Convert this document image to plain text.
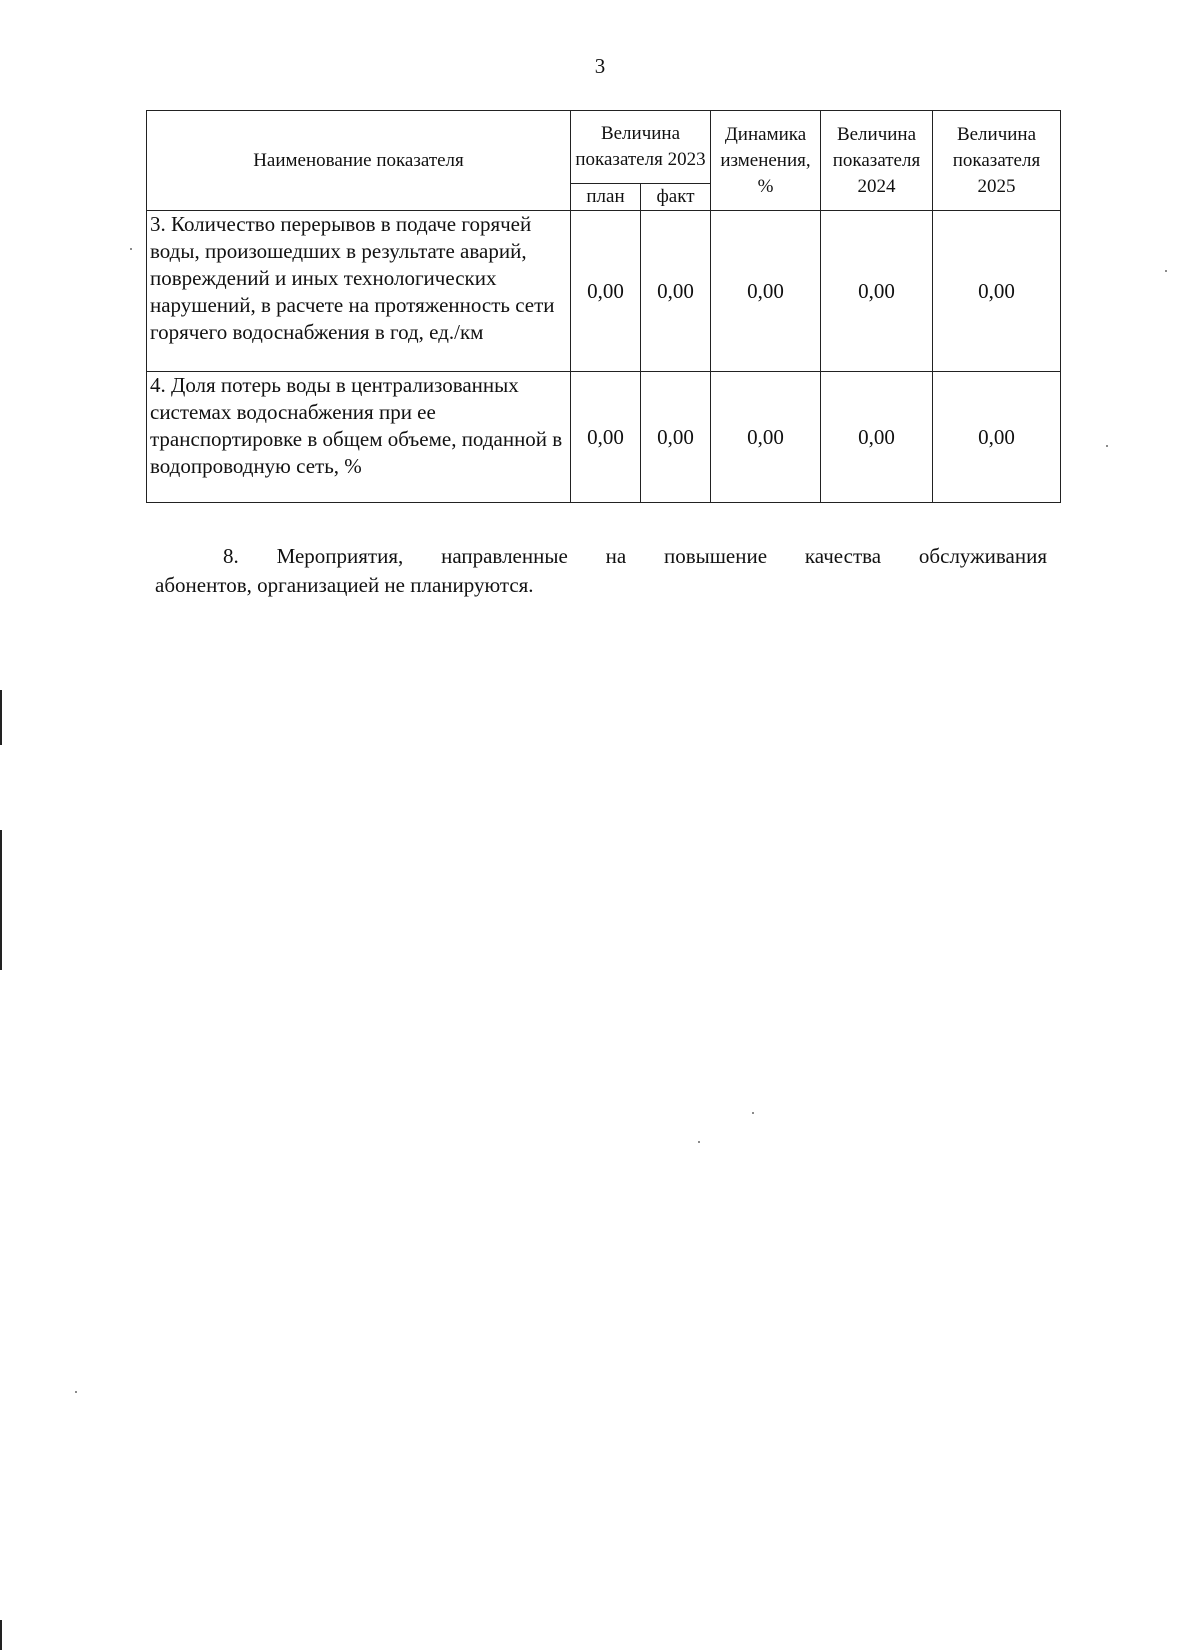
3
Наименование показателя	Величина показателя 2023		Динамика изменения, %	Величина показателя 2024	Величина показателя 2025
	план	факт			
3. Количество перерывов в подаче горячей воды, произошедших в результате аварий, повреждений и иных технологических нарушений, в расчете на протяженность сети горячего водоснабжения в год, ед./км	0,00	0,00	0,00	0,00	0,00
4. Доля потерь воды в централизованных системах водоснабжения при ее транспортировке в общем объеме, поданной в водопроводную сеть, %	0,00	0,00	0,00	0,00	0,00

8. Мероприятия, направленные на повышение качества обслуживания
абонентов, организацией не планируются.
